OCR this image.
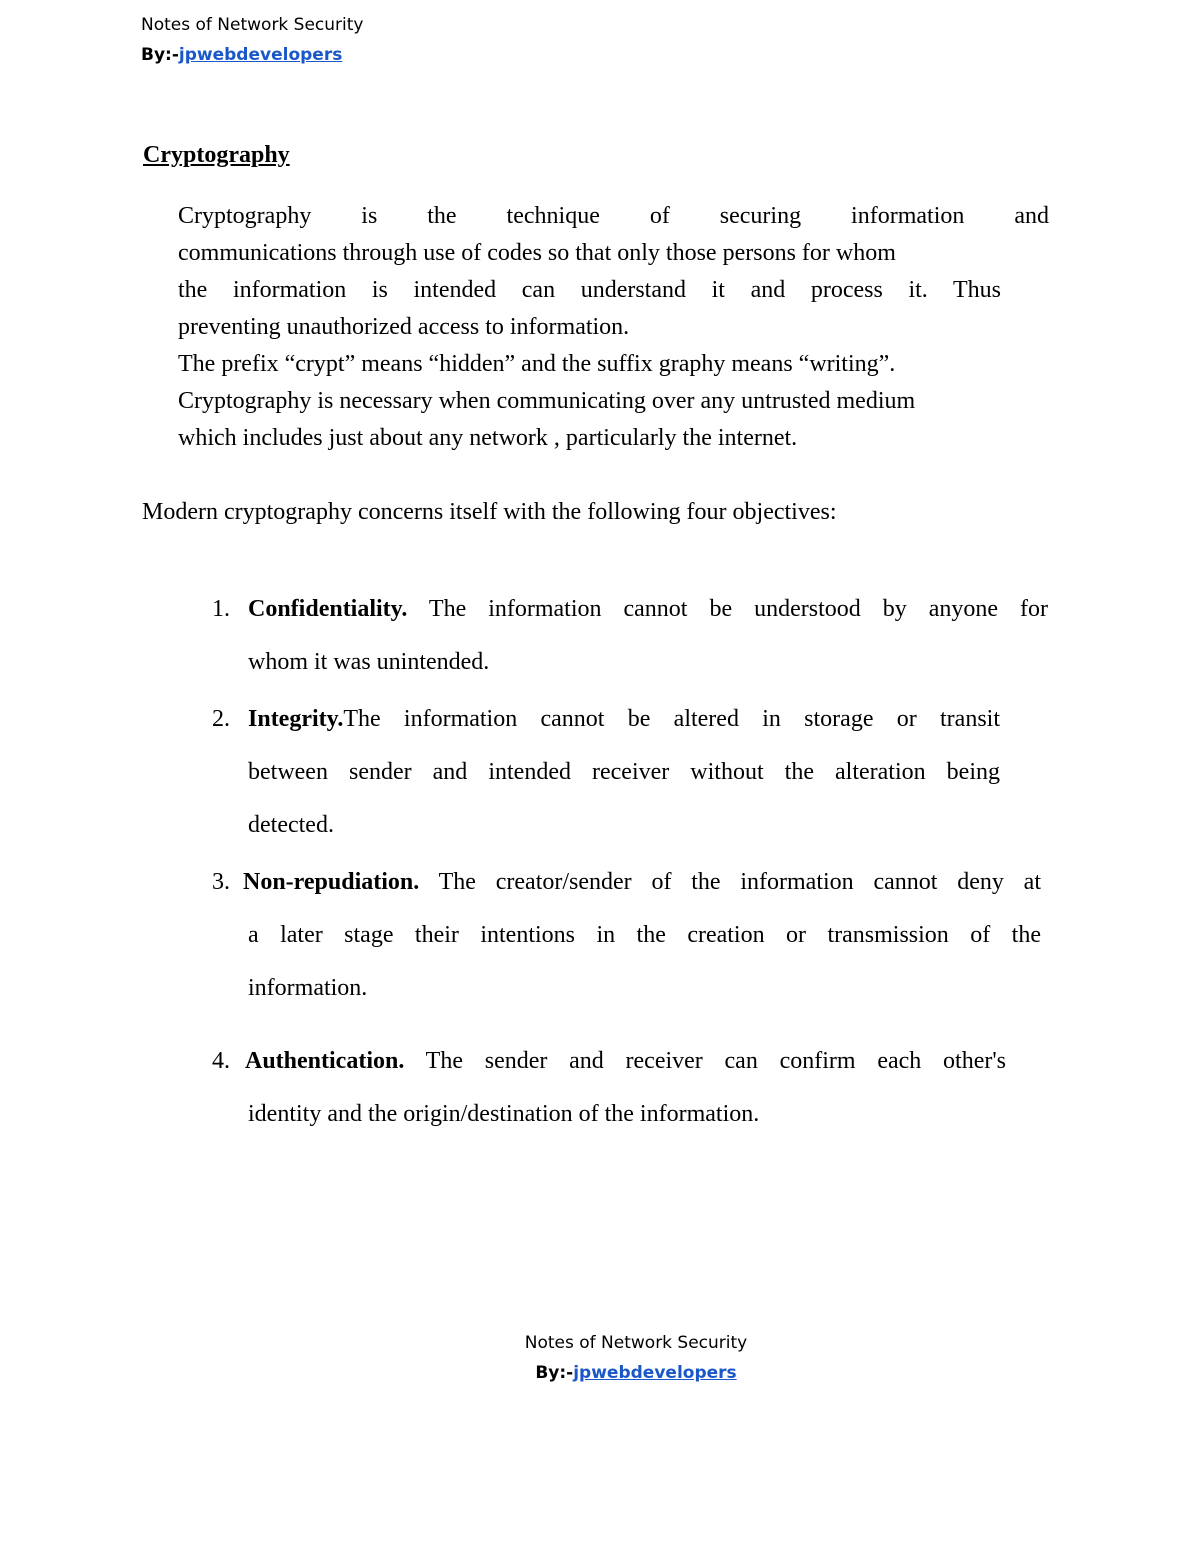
Notes of Network Security
By:-jpwebdevelopers
Cryptography
Cryptography is the technique of securing information and
communications through use of codes so that only those persons for whom
the information is intended can understand it and process it. Thus
preventing unauthorized access to information.
The prefix “crypt” means “hidden” and the suffix graphy means “writing”.
Cryptography is necessary when communicating over any untrusted medium
which includes just about any network , particularly the internet.
Modern cryptography concerns itself with the following four objectives:
1. Confidentiality. The information cannot be understood by anyone for
whom it was unintended.
2. Integrity.The information cannot be altered in storage or transit
between sender and intended receiver without the alteration being
detected.
3. Non-repudiation. The creator/sender of the information cannot deny at
a later stage their intentions in the creation or transmission of the
information.
4. Authentication. The sender and receiver can confirm each other's
identity and the origin/destination of the information.
Notes of Network Security
By:-jpwebdevelopers
